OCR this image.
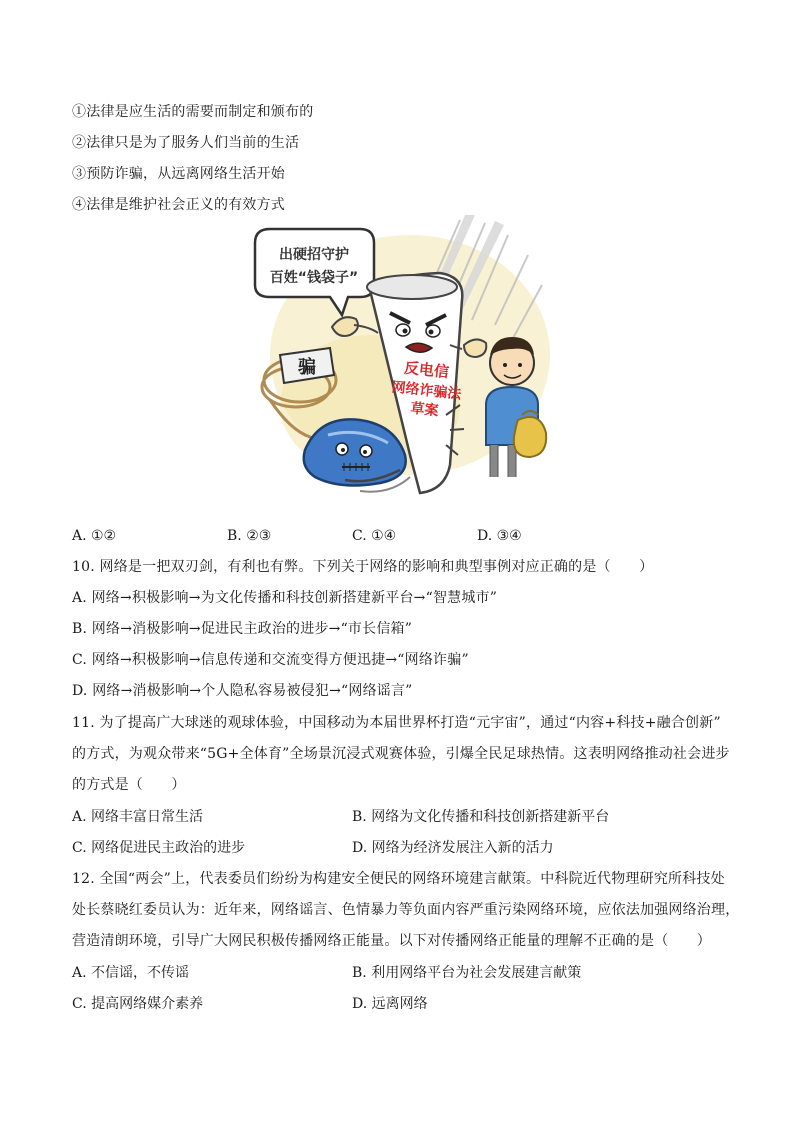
①法律是应生活的需要而制定和颁布的
②法律只是为了服务人们当前的生活
③预防诈骗，从远离网络生活开始
④法律是维护社会正义的有效方式
出硬招守护
百姓“钱袋子”
骗	反电信
网络诈骗法
草案
A. ①②	B. ②③	C. ①④	D. ③④
10. 网络是一把双刃剑，有利也有弊。下列关于网络的影响和典型事例对应正确的是（　　）
A. 网络→积极影响→为文化传播和科技创新搭建新平台→“智慧城市”
B. 网络→消极影响→促进民主政治的进步→“市长信箱”
C. 网络→积极影响→信息传递和交流变得方便迅捷→“网络诈骗”
D. 网络→消极影响→个人隐私容易被侵犯→“网络谣言”
11. 为了提高广大球迷的观球体验，中国移动为本届世界杯打造“元宇宙”，通过“内容+科技+融合创新”
的方式，为观众带来“5G+全体育”全场景沉浸式观赛体验，引爆全民足球热情。这表明网络推动社会进步
的方式是（　　）
A. 网络丰富日常生活	B. 网络为文化传播和科技创新搭建新平台
C. 网络促进民主政治的进步	D. 网络为经济发展注入新的活力
12. 全国“两会”上，代表委员们纷纷为构建安全便民的网络环境建言献策。中科院近代物理研究所科技处
处长蔡晓红委员认为：近年来，网络谣言、色情暴力等负面内容严重污染网络环境，应依法加强网络治理，
营造清朗环境，引导广大网民积极传播网络正能量。以下对传播网络正能量的理解不正确的是（　　）
A. 不信谣，不传谣	B. 利用网络平台为社会发展建言献策
C. 提高网络媒介素养	D. 远离网络
